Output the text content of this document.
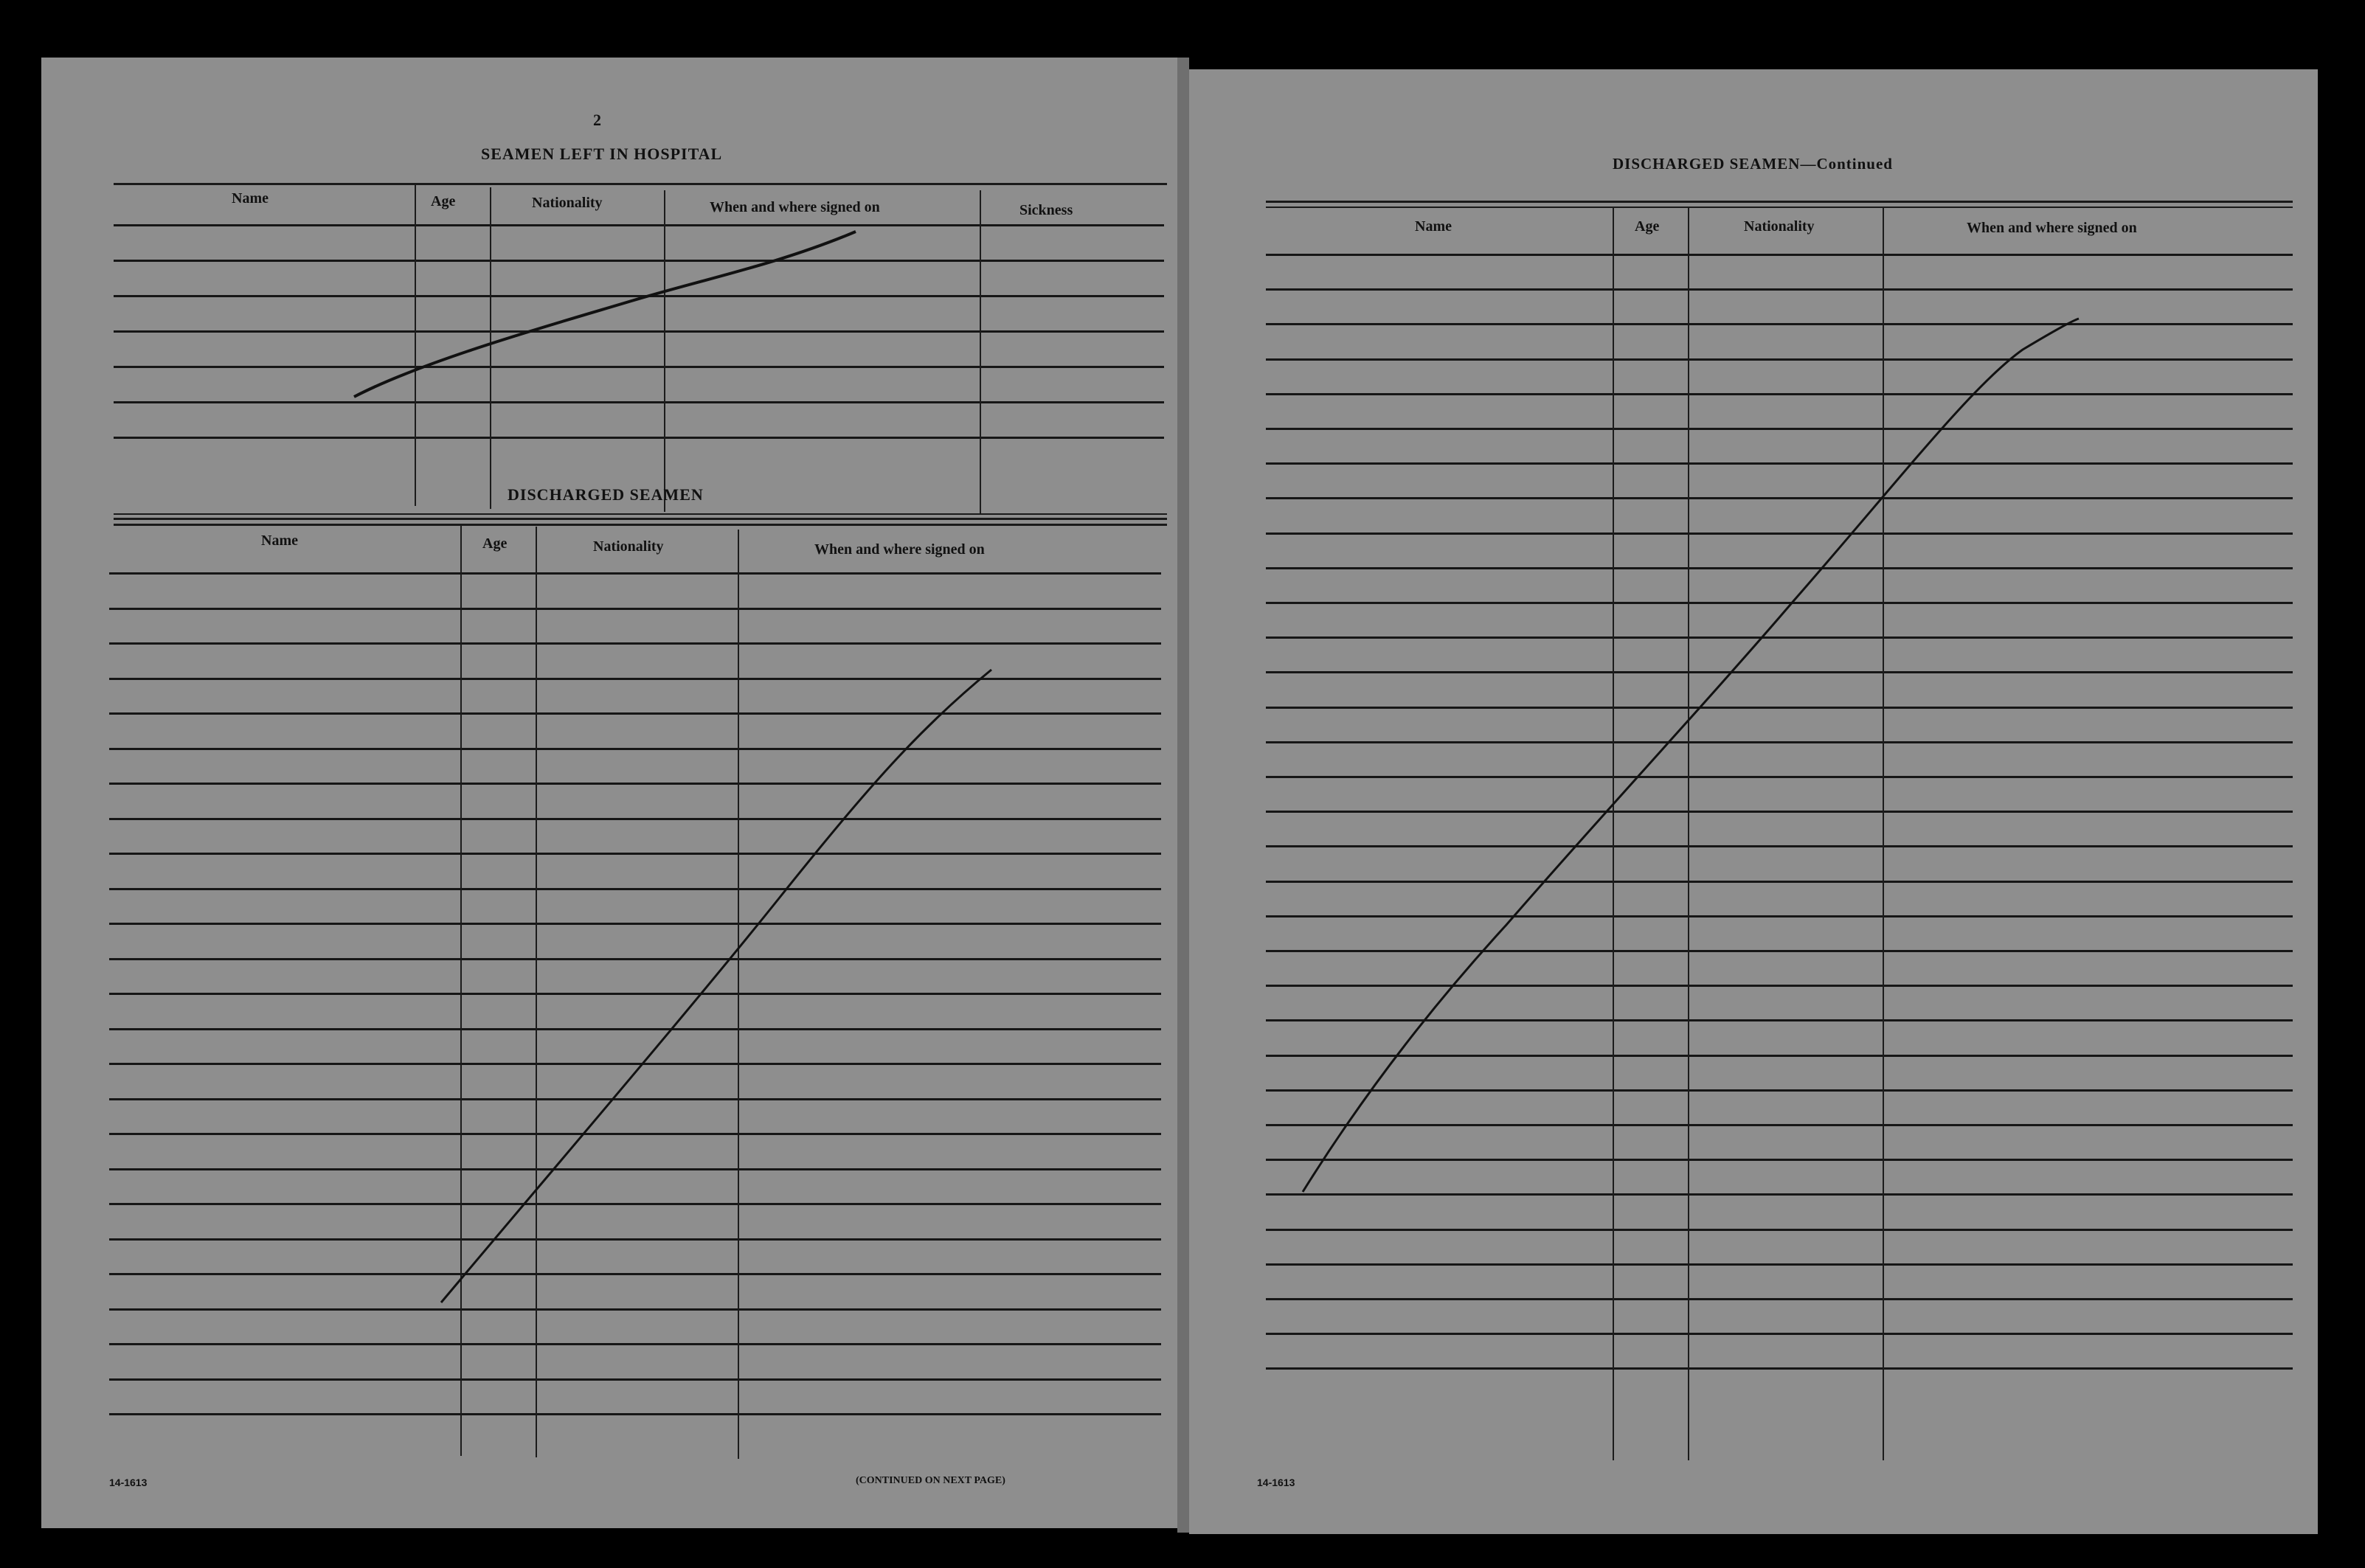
2
SEAMEN LEFT IN HOSPITAL
Name	Age	Nationality	When and where signed on	Sickness
DISCHARGED SEAMEN
Name	Age	Nationality	When and where signed on
14-1613	(CONTINUED ON NEXT PAGE)
DISCHARGED SEAMEN—Continued
Name	Age	Nationality	When and where signed on
14-1613
